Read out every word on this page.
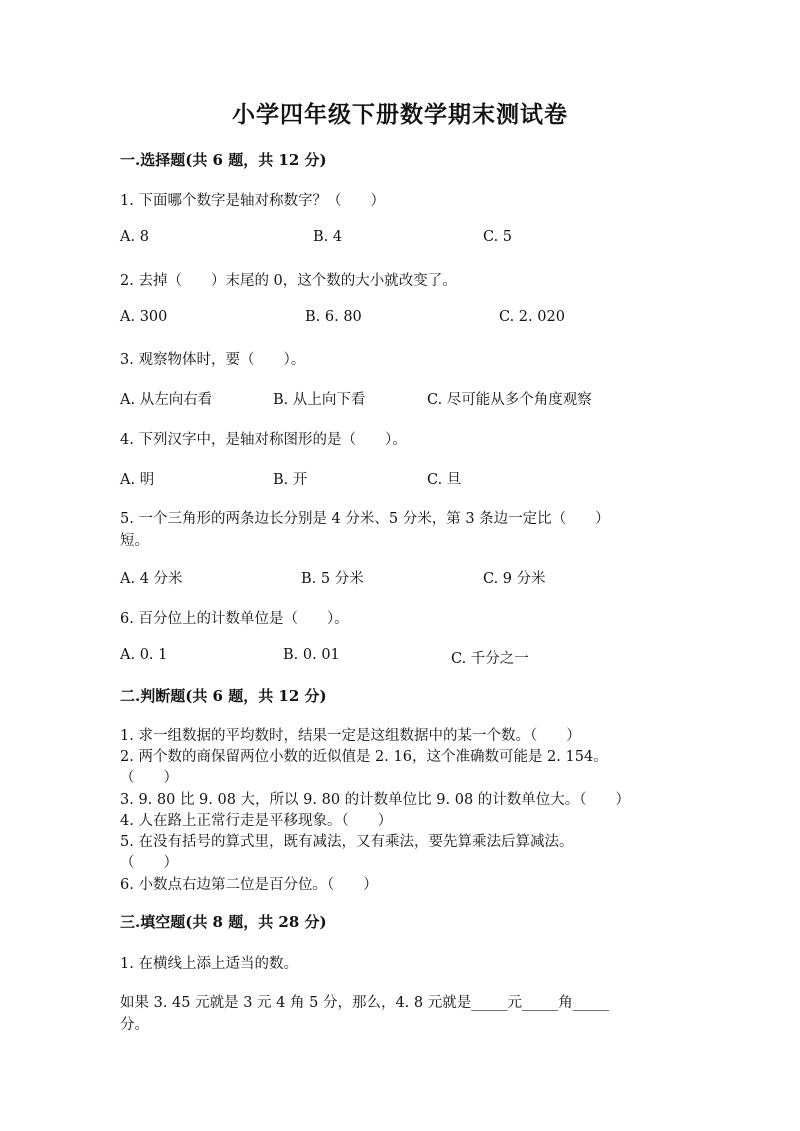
小学四年级下册数学期末测试卷
一.选择题(共 6 题，共 12 分)
1. 下面哪个数字是轴对称数字？（　　）
A. 8	B. 4	C. 5
2. 去掉（　　）末尾的 0，这个数的大小就改变了。
A. 300	B. 6. 80	C. 2. 020
3. 观察物体时，要（　　）。
A. 从左向右看	B. 从上向下看	C. 尽可能从多个角度观察
4. 下列汉字中，是轴对称图形的是（　　）。
A. 明	B. 开	C. 旦
5. 一个三角形的两条边长分别是 4 分米、5 分米，第 3 条边一定比（　　）
短。
A. 4 分米	B. 5 分米	C. 9 分米
6. 百分位上的计数单位是（　　）。
A. 0. 1	B. 0. 01	C. 千分之一
二.判断题(共 6 题，共 12 分)
1. 求一组数据的平均数时，结果一定是这组数据中的某一个数。（　　）
2. 两个数的商保留两位小数的近似值是 2. 16，这个准确数可能是 2. 154。
（　　）
3. 9. 80 比 9. 08 大，所以 9. 80 的计数单位比 9. 08 的计数单位大。（　　）
4. 人在路上正常行走是平移现象。（　　）
5. 在没有括号的算式里，既有减法，又有乘法，要先算乘法后算减法。
（　　）
6. 小数点右边第二位是百分位。（　　）
三.填空题(共 8 题，共 28 分)
1. 在横线上添上适当的数。
如果 3. 45 元就是 3 元 4 角 5 分，那么，4. 8 元就是_____元_____角_____
分。
